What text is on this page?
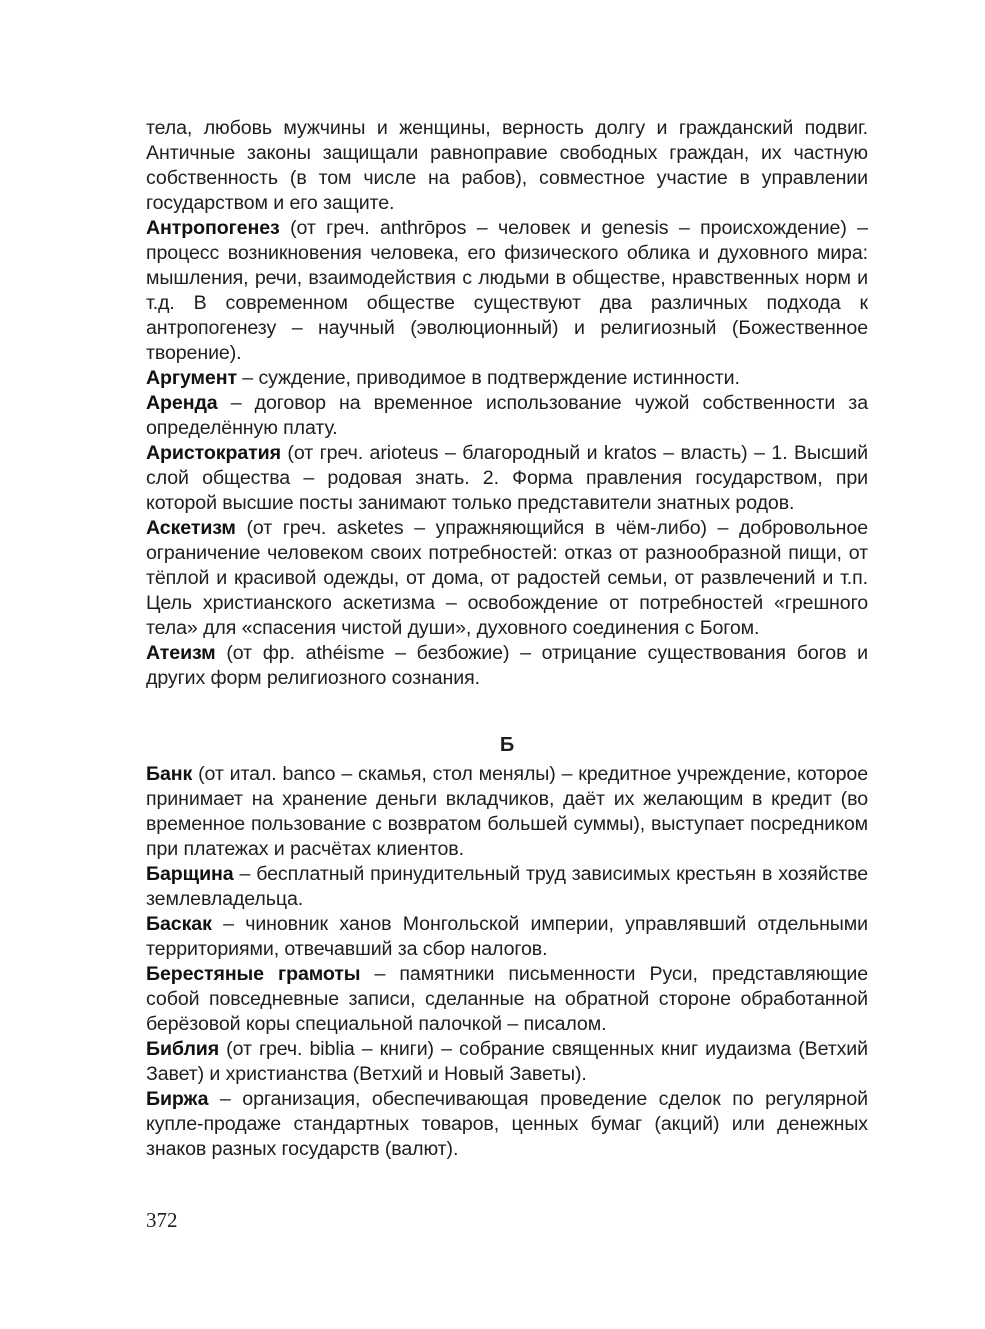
тела, любовь мужчины и женщины, верность долгу и гражданский подвиг. Античные законы защищали равноправие свободных граждан, их частную собственность (в том числе на рабов), совместное участие в управлении государством и его защите.

Антропогенез (от греч. anthrōpos – человек и genesis – происхождение) – процесс возникновения человека, его физического облика и духовного мира: мышления, речи, взаимодействия с людьми в обществе, нравственных норм и т.д. В современном обществе существуют два различных подхода к антропогенезу – научный (эволюционный) и религиозный (Божественное творение).

Аргумент – суждение, приводимое в подтверждение истинности.

Аренда – договор на временное использование чужой собственности за определённую плату.

Аристократия (от греч. arioteus – благородный и kratos – власть) – 1. Высший слой общества – родовая знать. 2. Форма правления государством, при которой высшие посты занимают только представители знатных родов.

Аскетизм (от греч. asketes – упражняющийся в чём-либо) – добровольное ограничение человеком своих потребностей: отказ от разнообразной пищи, от тёплой и красивой одежды, от дома, от радостей семьи, от развлечений и т.п. Цель христианского аскетизма – освобождение от потребностей «грешного тела» для «спасения чистой души», духовного соединения с Богом.

Атеизм (от фр. athéisme – безбожие) – отрицание существования богов и других форм религиозного сознания.

Б

Банк (от итал. banco – скамья, стол менялы) – кредитное учреждение, которое принимает на хранение деньги вкладчиков, даёт их желающим в кредит (во временное пользование с возвратом большей суммы), выступает посредником при платежах и расчётах клиентов.

Барщина – бесплатный принудительный труд зависимых крестьян в хозяйстве землевладельца.

Баскак – чиновник ханов Монгольской империи, управлявший отдельными территориями, отвечавший за сбор налогов.

Берестяные грамоты – памятники письменности Руси, представляющие собой повседневные записи, сделанные на обратной стороне обработанной берёзовой коры специальной палочкой – писалом.

Библия (от греч. biblia – книги) – собрание священных книг иудаизма (Ветхий Завет) и христианства (Ветхий и Новый Заветы).

Биржа – организация, обеспечивающая проведение сделок по регулярной купле-продаже стандартных товаров, ценных бумаг (акций) или денежных знаков разных государств (валют).

372
